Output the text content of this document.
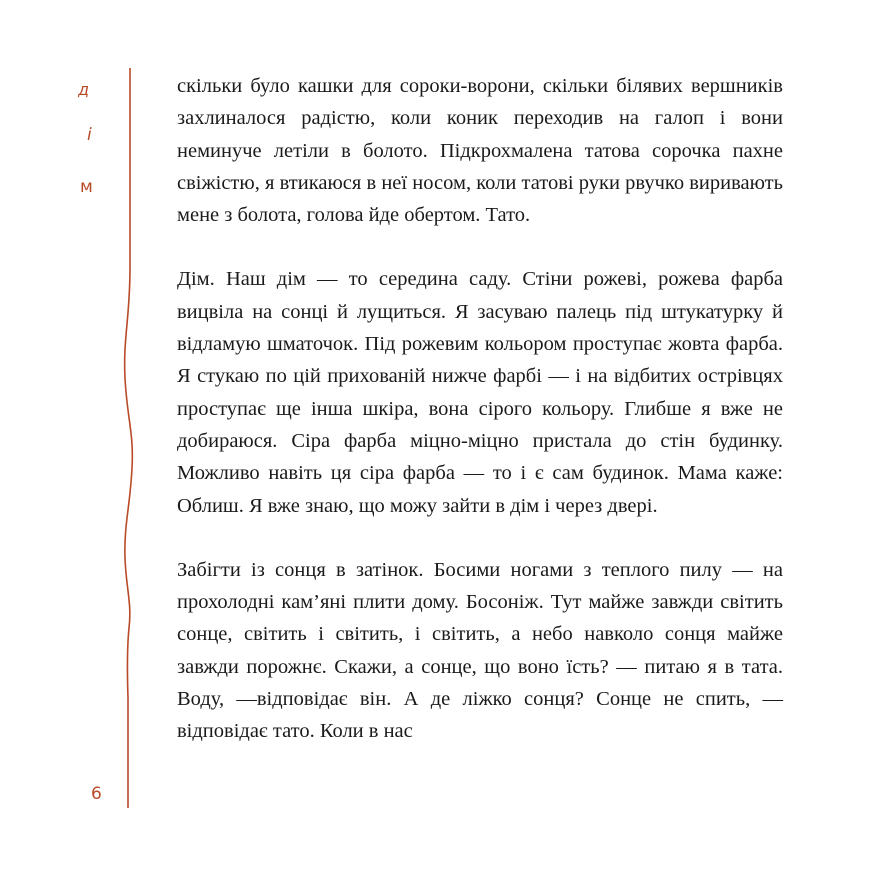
д
і
м
6

скільки було кашки для сороки-ворони, скільки білявих вершників захлиналося радістю, коли коник переходив на галоп і вони неминуче летіли в болото. Підкрохмалена татова сорочка пахне свіжістю, я втикаюся в неї носом, коли татові руки рвучко виривають мене з болота, голова йде обертом. Тато.

Дім. Наш дім — то середина саду. Стіни рожеві, рожева фарба вицвіла на сонці й лущиться. Я засуваю палець під штукатурку й відламую шматочок. Під рожевим кольором проступає жовта фарба. Я стукаю по цій прихованій нижче фарбі — і на відбитих острівцях проступає ще інша шкіра, вона сірого кольору. Глибше я вже не добираюся. Сіра фарба міцно-міцно пристала до стін будинку. Можливо навіть ця сіра фарба — то і є сам будинок. Мама каже: Облиш. Я вже знаю, що можу зайти в дім і через двері.

Забігти із сонця в затінок. Босими ногами з теплого пилу — на прохолодні кам’яні плити дому. Босоніж. Тут майже завжди світить сонце, світить і світить, і світить, а небо навколо сонця майже завжди порожнє. Скажи, а сонце, що воно їсть? — питаю я в тата. Воду, —відповідає він. А де ліжко сонця? Сонце не спить, — відповідає тато. Коли в нас
